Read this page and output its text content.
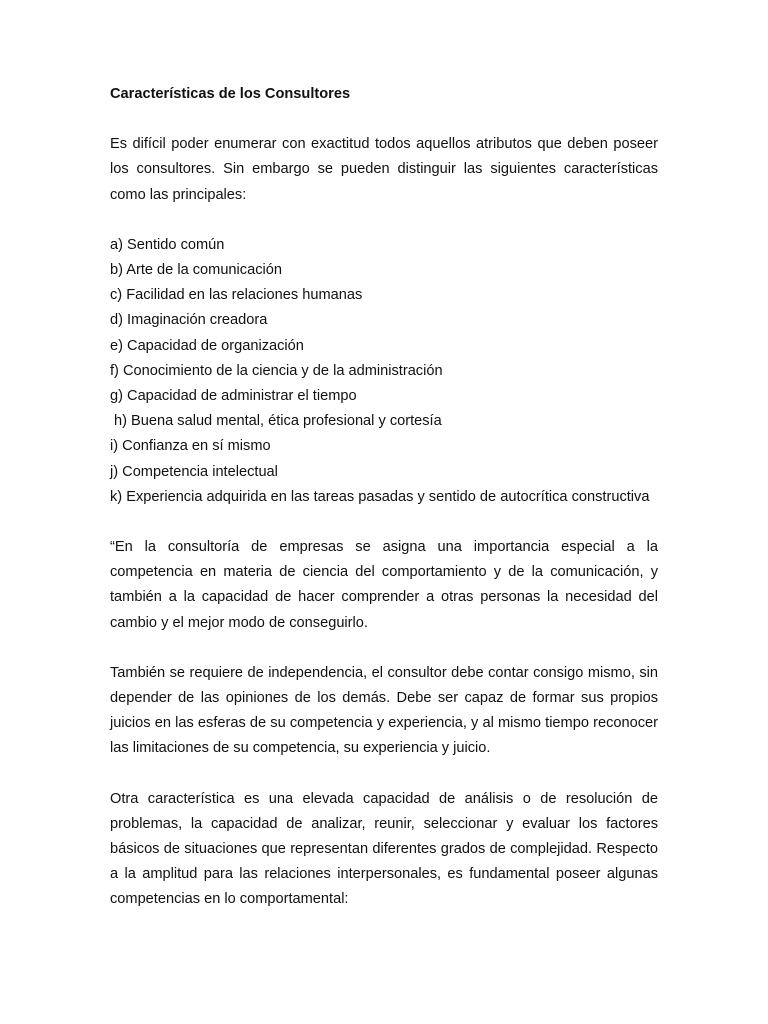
Características de los Consultores

Es difícil poder enumerar con exactitud todos aquellos atributos que deben poseer los consultores. Sin embargo se pueden distinguir las siguientes características como las principales:

a) Sentido común
b) Arte de la comunicación
c) Facilidad en las relaciones humanas
d) Imaginación creadora
e) Capacidad de organización
f) Conocimiento de la ciencia y de la administración
g) Capacidad de administrar el tiempo
h) Buena salud mental, ética profesional y cortesía
i) Confianza en sí mismo
j) Competencia intelectual
k) Experiencia adquirida en las tareas pasadas y sentido de autocrítica constructiva

“En la consultoría de empresas se asigna una importancia especial a la competencia en materia de ciencia del comportamiento y de la comunicación, y también a la capacidad de hacer comprender a otras personas la necesidad del cambio y el mejor modo de conseguirlo.

También se requiere de independencia, el consultor debe contar consigo mismo, sin depender de las opiniones de los demás. Debe ser capaz de formar sus propios juicios en las esferas de su competencia y experiencia, y al mismo tiempo reconocer las limitaciones de su competencia, su experiencia y juicio.

Otra característica es una elevada capacidad de análisis o de resolución de problemas, la capacidad de analizar, reunir, seleccionar y evaluar los factores básicos de situaciones que representan diferentes grados de complejidad. Respecto a la amplitud para las relaciones interpersonales, es fundamental poseer algunas competencias en lo comportamental:
